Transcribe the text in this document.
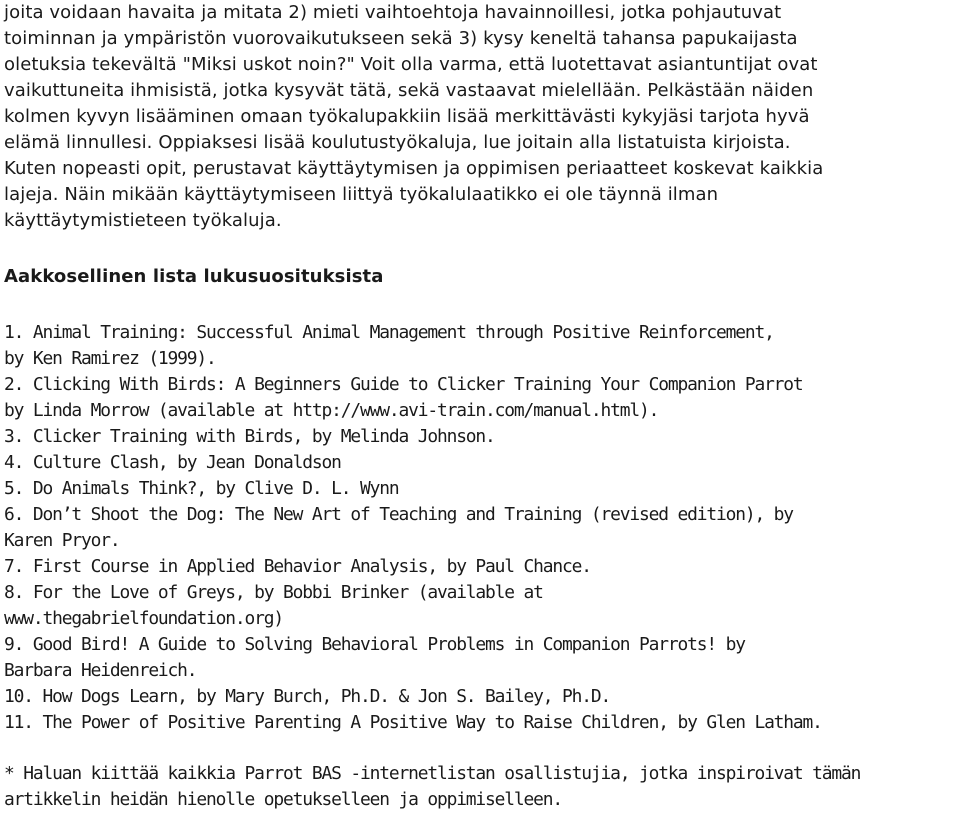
joita voidaan havaita ja mitata 2) mieti vaihtoehtoja havainnoillesi, jotka pohjautuvat
toiminnan ja ympäristön vuorovaikutukseen sekä 3) kysy keneltä tahansa papukaijasta
oletuksia tekevältä "Miksi uskot noin?" Voit olla varma, että luotettavat asiantuntijat ovat
vaikuttuneita ihmisistä, jotka kysyvät tätä, sekä vastaavat mielellään. Pelkästään näiden
kolmen kyvyn lisääminen omaan työkalupakkiin lisää merkittävästi kykyjäsi tarjota hyvä
elämä linnullesi. Oppiaksesi lisää koulutustyökaluja, lue joitain alla listatuista kirjoista.
Kuten nopeasti opit, perustavat käyttäytymisen ja oppimisen periaatteet koskevat kaikkia
lajeja. Näin mikään käyttäytymiseen liittyä työkalulaatikko ei ole täynnä ilman
käyttäytymistieteen työkaluja.

Aakkosellinen lista lukusuosituksista
1. Animal Training: Successful Animal Management through Positive Reinforcement,
by Ken Ramirez (1999).
2. Clicking With Birds: A Beginners Guide to Clicker Training Your Companion Parrot
by Linda Morrow (available at http://www.avi-train.com/manual.html).
3. Clicker Training with Birds, by Melinda Johnson.
4. Culture Clash, by Jean Donaldson
5. Do Animals Think?, by Clive D. L. Wynn
6. Don’t Shoot the Dog: The New Art of Teaching and Training (revised edition), by
Karen Pryor.
7. First Course in Applied Behavior Analysis, by Paul Chance.
8. For the Love of Greys, by Bobbi Brinker (available at
www.thegabrielfoundation.org)
9. Good Bird! A Guide to Solving Behavioral Problems in Companion Parrots! by
Barbara Heidenreich.
10. How Dogs Learn, by Mary Burch, Ph.D. & Jon S. Bailey, Ph.D.
11. The Power of Positive Parenting A Positive Way to Raise Children, by Glen Latham.
* Haluan kiittää kaikkia Parrot BAS -internetlistan osallistujia, jotka inspiroivat tämän
artikkelin heidän hienolle opetukselleen ja oppimiselleen.
